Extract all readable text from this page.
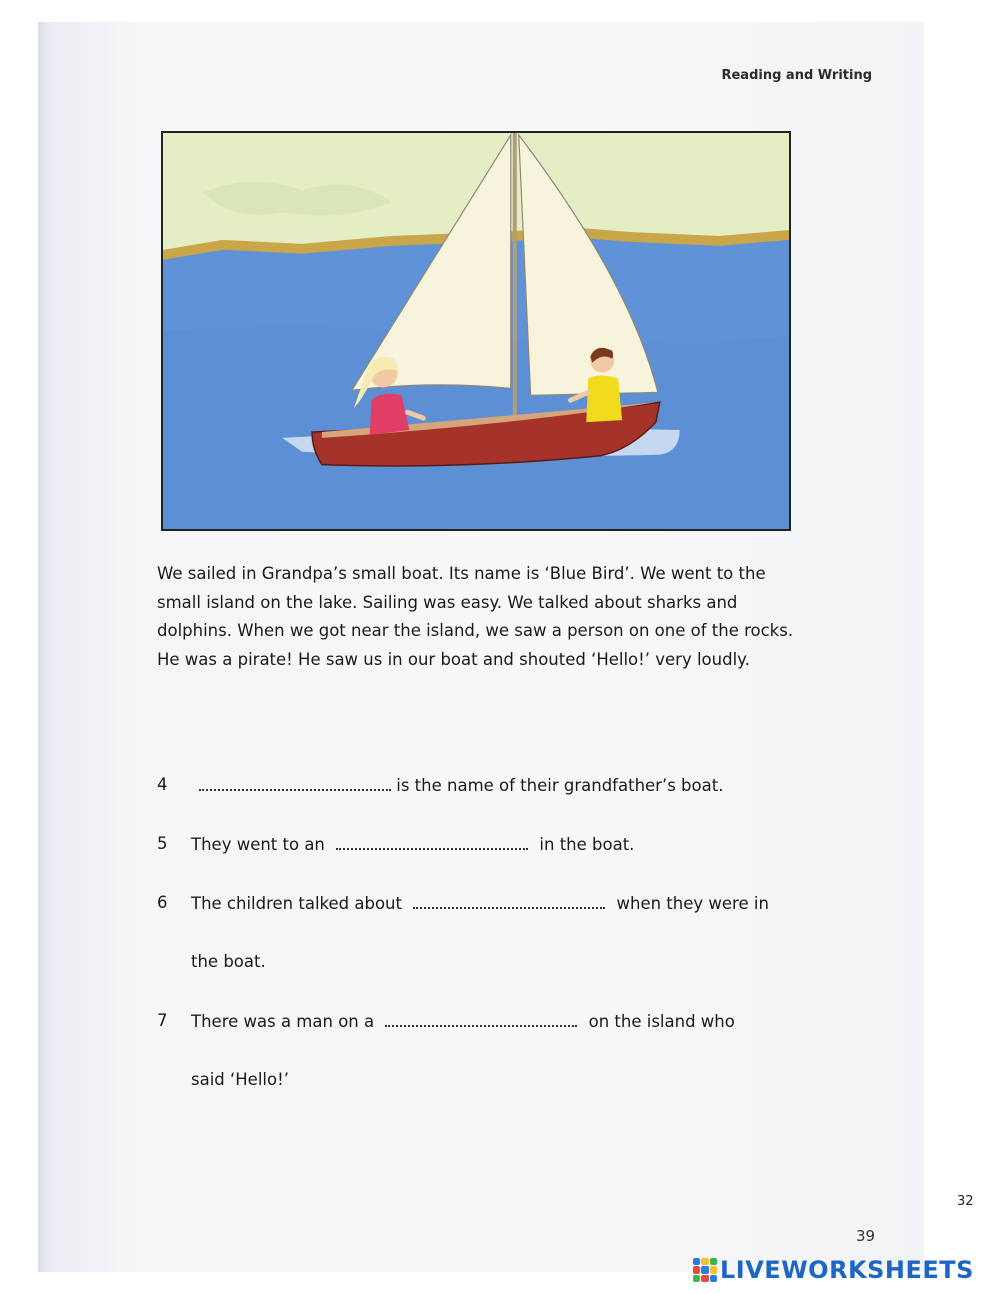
Reading and Writing
We sailed in Grandpa’s small boat. Its name is ‘Blue Bird’. We went to the small island on the lake. Sailing was easy. We talked about sharks and dolphins. When we got near the island, we saw a person on one of the rocks. He was a pirate! He saw us in our boat and shouted ‘Hello!’ very loudly.
4	is the name of their grandfather’s boat.
5 They went to an	in the boat.
6 The children talked about	when they were in
the boat.
7 There was a man on a	on the island who
said ‘Hello!’
32
39
LIVEWORKSHEETS
